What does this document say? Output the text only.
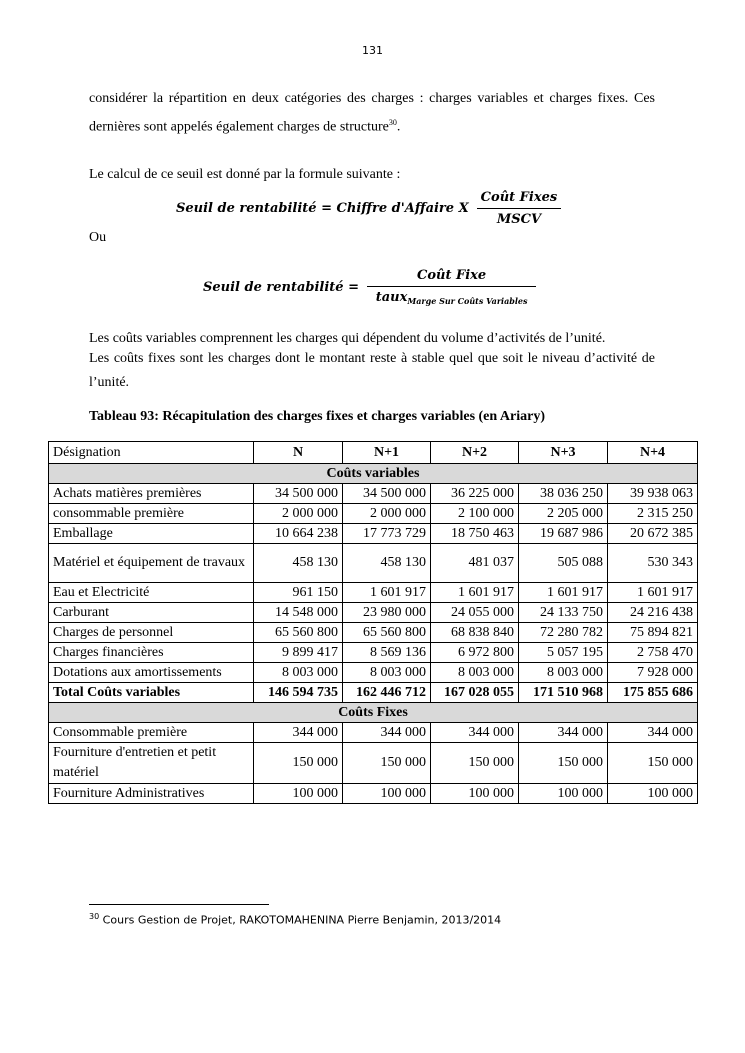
131
considérer la répartition en deux catégories des charges : charges variables et charges fixes. Ces dernières sont appelés également charges de structure$^{30}$.
Le calcul de ce seuil est donné par la formule suivante :
Seuil de rentabilité = Chiffre d'Affaire X $\frac{\text{Coût Fixes}}{\text{MSCV}}$
Ou
Seuil de rentabilité = $\frac{\text{Coût Fixe}}{taux_{Marge Sur Coûts Variables}}$
Les coûts variables comprennent les charges qui dépendent du volume d’activités de l’unité.
Les coûts fixes sont les charges dont le montant reste à stable quel que soit le niveau d’activité de l’unité.
Tableau 93: Récapitulation des charges fixes et charges variables (en Ariary)
Désignation	N	N+1	N+2	N+3	N+4
Coûts variables					
Achats matières premières	34 500 000	34 500 000	36 225 000	38 036 250	39 938 063
consommable première	2 000 000	2 000 000	2 100 000	2 205 000	2 315 250
Emballage	10 664 238	17 773 729	18 750 463	19 687 986	20 672 385
Matériel et équipement de travaux	458 130	458 130	481 037	505 088	530 343
Eau et Electricité	961 150	1 601 917	1 601 917	1 601 917	1 601 917
Carburant	14 548 000	23 980 000	24 055 000	24 133 750	24 216 438
Charges de personnel	65 560 800	65 560 800	68 838 840	72 280 782	75 894 821
Charges financières	9 899 417	8 569 136	6 972 800	5 057 195	2 758 470
Dotations aux amortissements	8 003 000	8 003 000	8 003 000	8 003 000	7 928 000
Total Coûts variables	146 594 735	162 446 712	167 028 055	171 510 968	175 855 686
Coûts Fixes					
Consommable première	344 000	344 000	344 000	344 000	344 000
Fourniture d'entretien et petit matériel	150 000	150 000	150 000	150 000	150 000
Fourniture Administratives	100 000	100 000	100 000	100 000	100 000
$^{30}$ Cours Gestion de Projet, RAKOTOMAHENINA Pierre Benjamin, 2013/2014
